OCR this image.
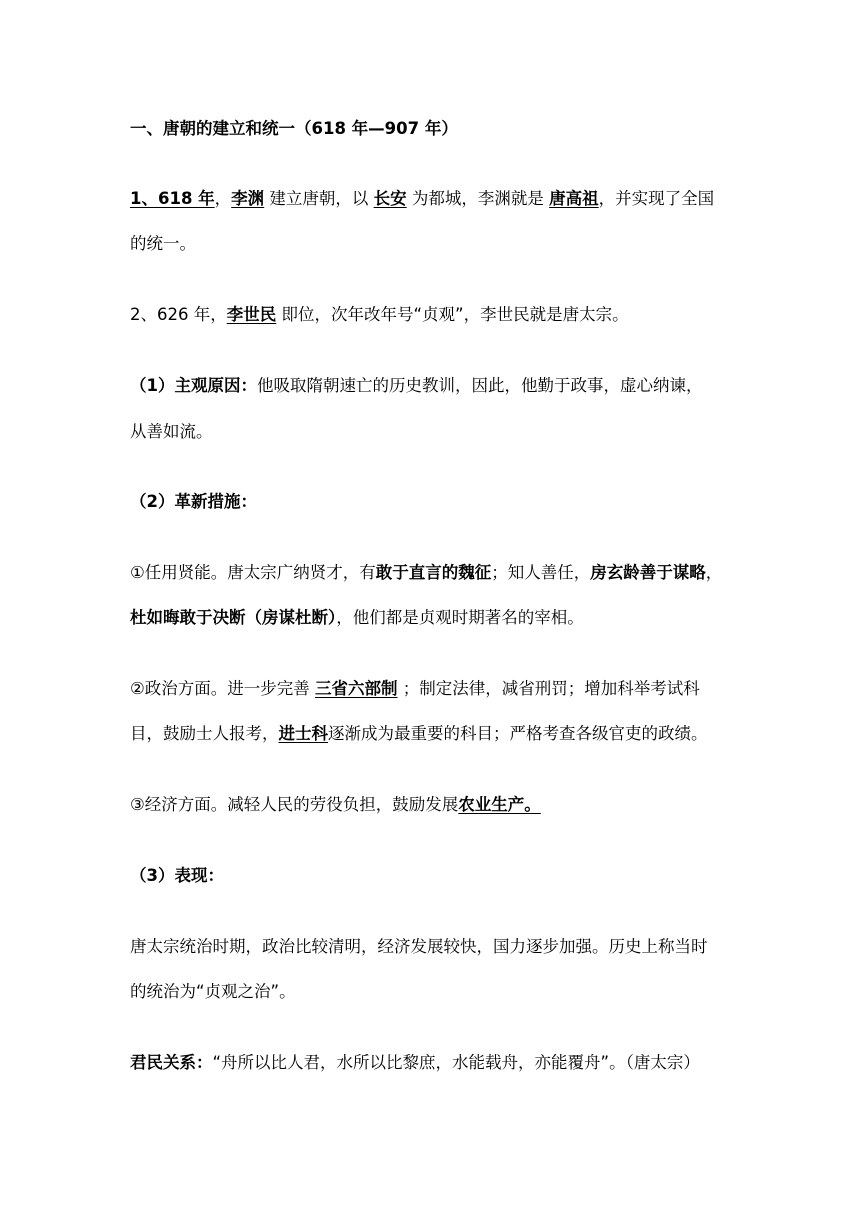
一、唐朝的建立和统一（618 年—907 年）
1、618 年，李渊 建立唐朝，以 长安 为都城，李渊就是 唐高祖，并实现了全国
的统一。
2、626 年，李世民 即位，次年改年号“贞观”，李世民就是唐太宗。
（1）主观原因：他吸取隋朝速亡的历史教训，因此，他勤于政事，虚心纳谏，
从善如流。
（2）革新措施：
①任用贤能。唐太宗广纳贤才，有敢于直言的魏征；知人善任，房玄龄善于谋略，
杜如晦敢于决断（房谋杜断），他们都是贞观时期著名的宰相。
②政治方面。进一步完善 三省六部制 ；制定法律，减省刑罚；增加科举考试科
目，鼓励士人报考，进士科逐渐成为最重要的科目；严格考查各级官吏的政绩。
③经济方面。减轻人民的劳役负担，鼓励发展农业生产。
（3）表现：
唐太宗统治时期，政治比较清明，经济发展较快，国力逐步加强。历史上称当时
的统治为“贞观之治”。
君民关系：“舟所以比人君，水所以比黎庶，水能载舟，亦能覆舟”。（唐太宗）
